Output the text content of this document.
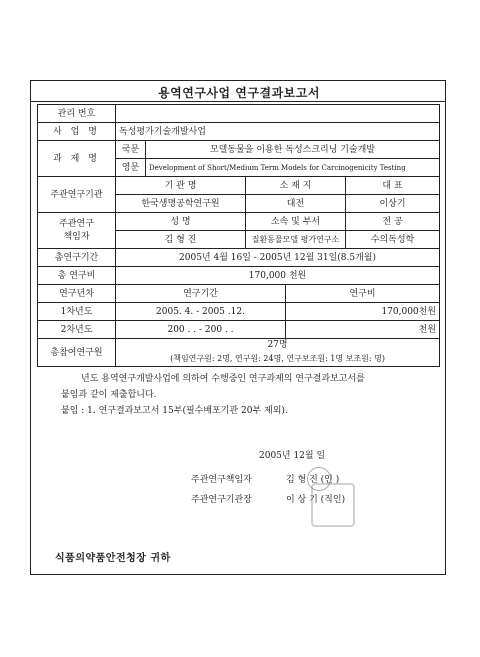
용역연구사업 연구결과보고서
관리 번호					
사 업 명	독성평가기술개발사업				
과 제 명	국문	모델동물을 이용한 독성스크리닝 기술개발			
	영문	Development of Short/Medium Term Models for Carcinogenicity Testing			
주관연구기관	기 관 명		소 재 지		대 표
	한국생명공학연구원		대전		이상기
주관연구
책임자	성 명		소속 및 부서		전 공
	김 형 진		질환동물모델 평가연구소		수의독성학
총연구기간	2005년 4월 16일 - 2005년 12월 31일(8.5개월)				
총 연구비	170,000 천원				
연구년차	연구기간			연구비	
1차년도	2005. 4. - 2005 .12.			170,000천원	
2차년도	200 . . - 200 . .			천원	
총참여연구원	27명
(책임연구원: 2명, 연구원: 24명, 연구보조원: 1명 보조원: 명)				
년도 용역연구개발사업에 의하여 수행중인 연구과제의 연구결과보고서를
붙임과 같이 제출합니다.
붙임 : 1. 연구결과보고서 15부(필수배포기관 20부 제외).
2005년 12월 일
주관연구책임자	김 형 진 (인 )
주관연구기관장	이 상 기 (직인)
식품의약품안전청장 귀하
